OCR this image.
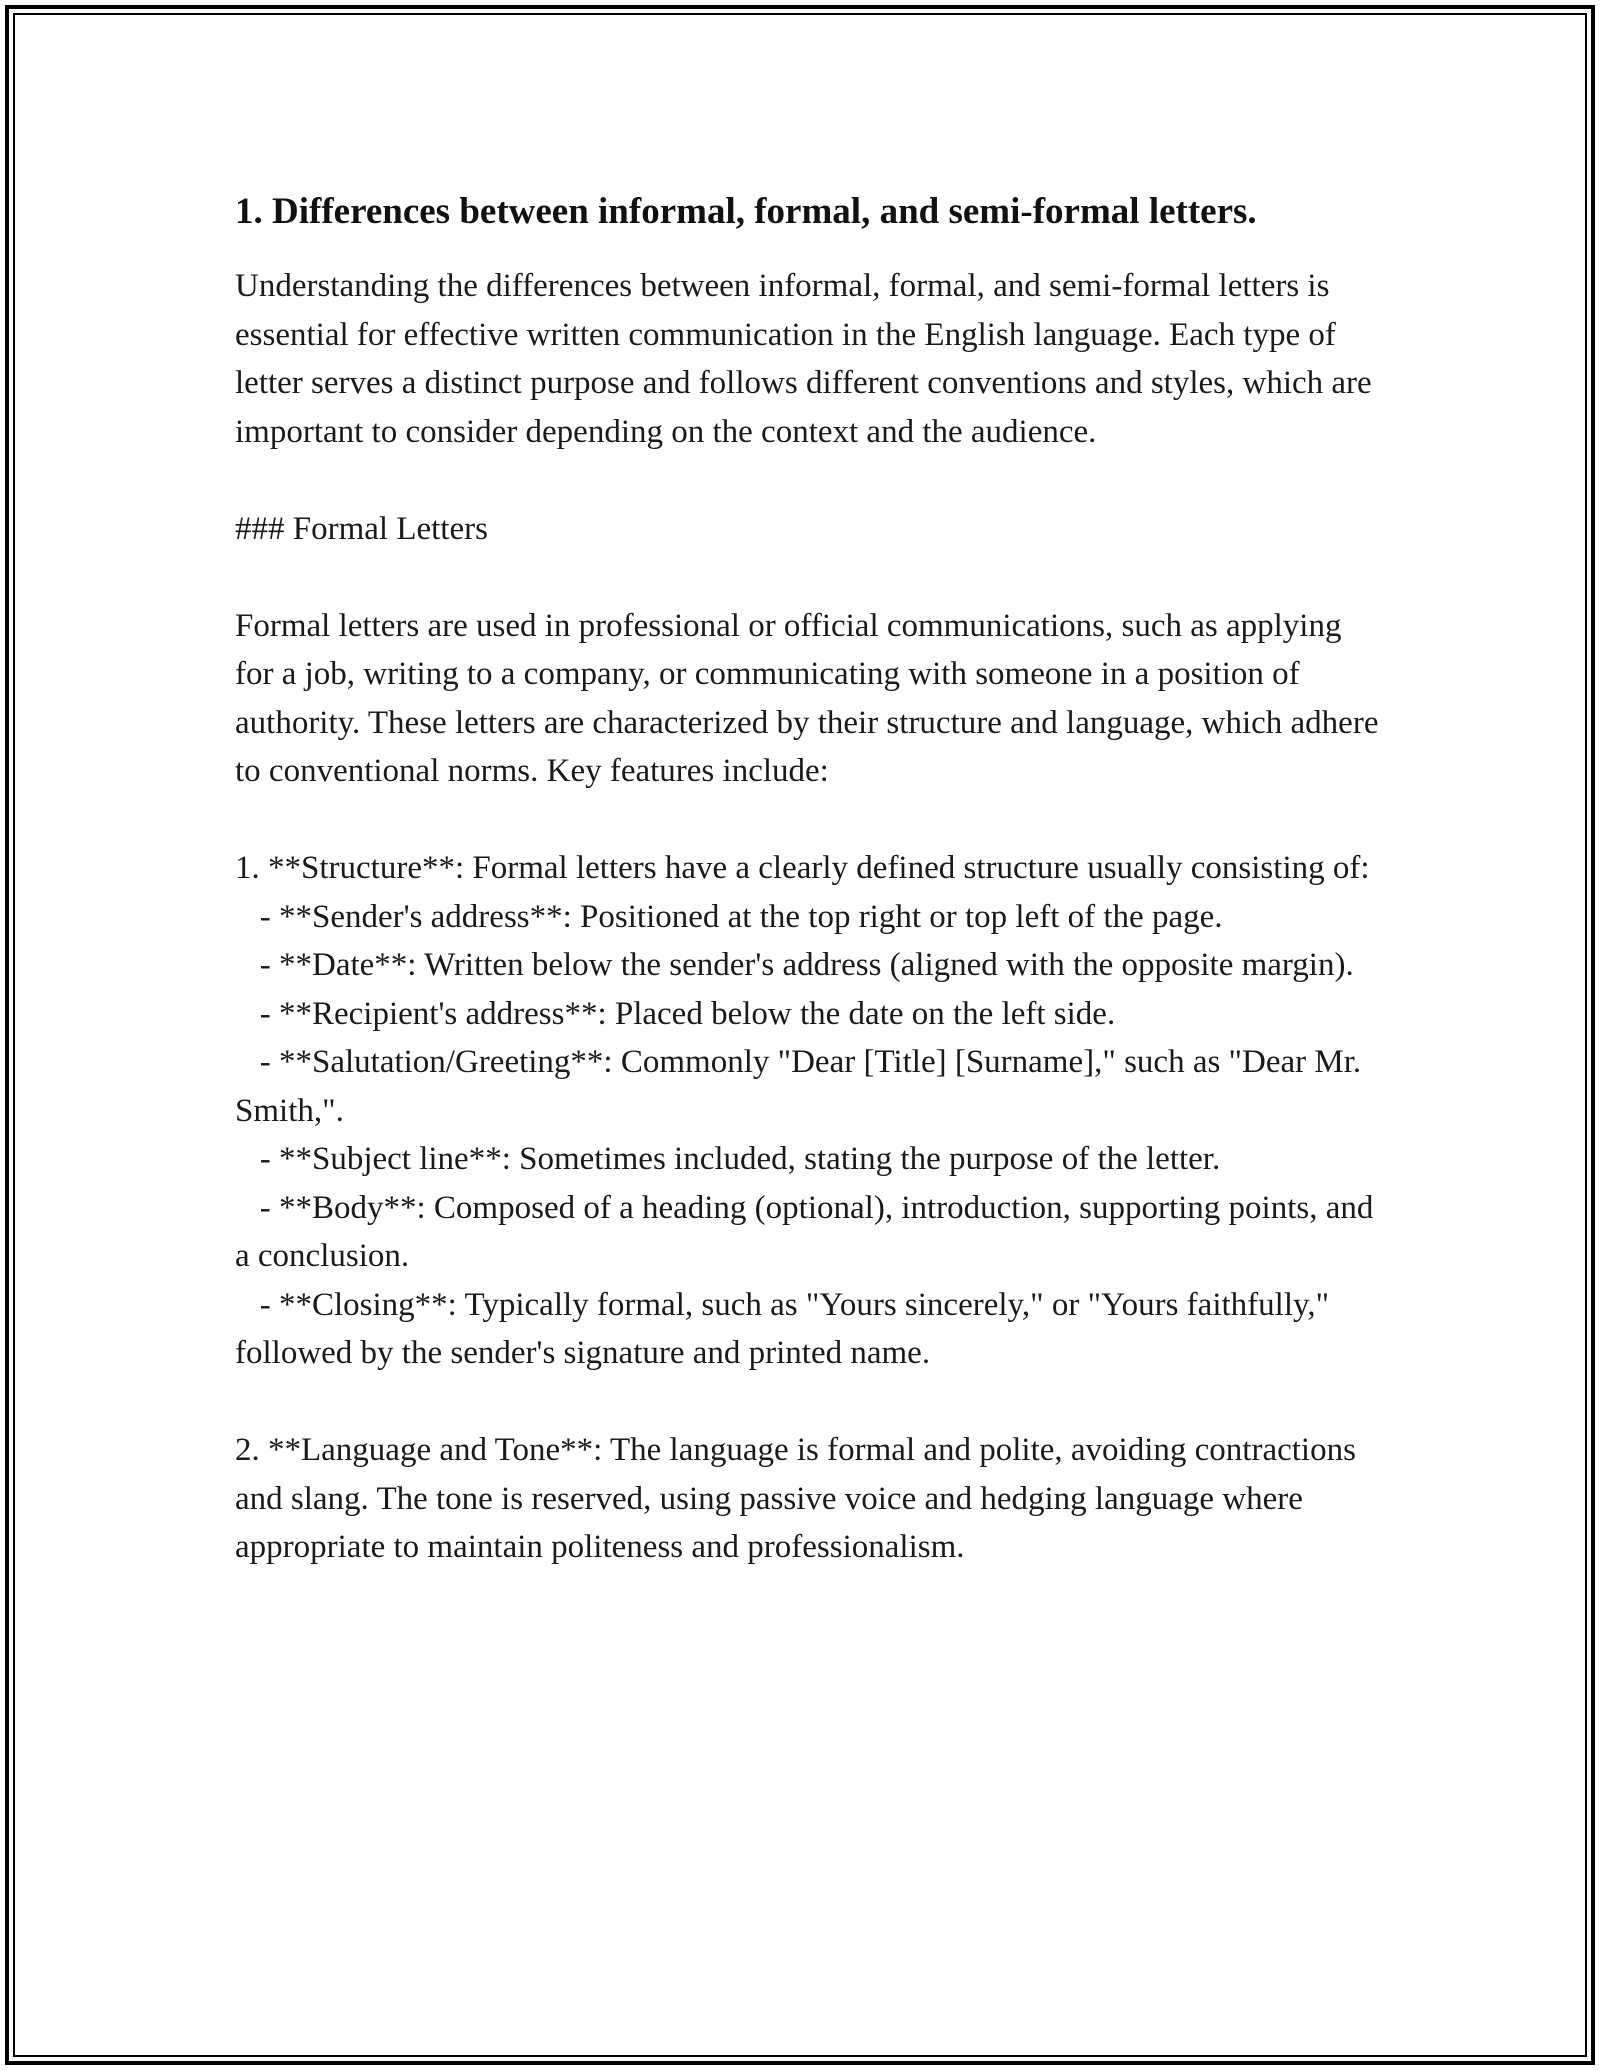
1. Differences between informal, formal, and semi-formal letters.

Understanding the differences between informal, formal, and semi-formal letters is essential for effective written communication in the English language. Each type of letter serves a distinct purpose and follows different conventions and styles, which are important to consider depending on the context and the audience.

### Formal Letters

Formal letters are used in professional or official communications, such as applying for a job, writing to a company, or communicating with someone in a position of authority. These letters are characterized by their structure and language, which adhere to conventional norms. Key features include:

1. **Structure**: Formal letters have a clearly defined structure usually consisting of:

- **Sender's address**: Positioned at the top right or top left of the page.

- **Date**: Written below the sender's address (aligned with the opposite margin).

- **Recipient's address**: Placed below the date on the left side.

- **Salutation/Greeting**: Commonly "Dear [Title] [Surname]," such as "Dear Mr. Smith,".

- **Subject line**: Sometimes included, stating the purpose of the letter.

- **Body**: Composed of a heading (optional), introduction, supporting points, and a conclusion.

- **Closing**: Typically formal, such as "Yours sincerely," or "Yours faithfully," followed by the sender's signature and printed name.

2. **Language and Tone**: The language is formal and polite, avoiding contractions and slang. The tone is reserved, using passive voice and hedging language where appropriate to maintain politeness and professionalism.
